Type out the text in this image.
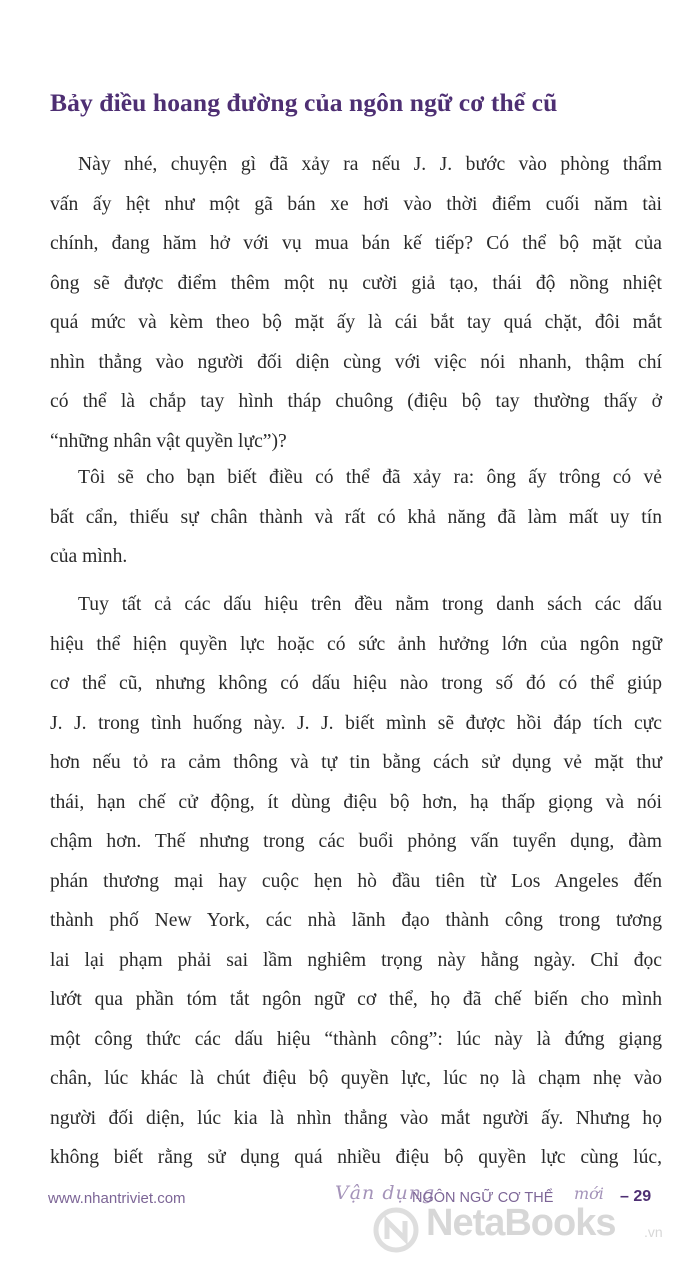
Bảy điều hoang đường của ngôn ngữ cơ thể cũ
Này nhé, chuyện gì đã xảy ra nếu J. J. bước vào phòng thẩm
vấn ấy hệt như một gã bán xe hơi vào thời điểm cuối năm tài
chính, đang hăm hở với vụ mua bán kế tiếp? Có thể bộ mặt của
ông sẽ được điểm thêm một nụ cười giả tạo, thái độ nồng nhiệt
quá mức và kèm theo bộ mặt ấy là cái bắt tay quá chặt, đôi mắt
nhìn thẳng vào người đối diện cùng với việc nói nhanh, thậm chí
có thể là chắp tay hình tháp chuông (điệu bộ tay thường thấy ở
“những nhân vật quyền lực”)?
Tôi sẽ cho bạn biết điều có thể đã xảy ra: ông ấy trông có vẻ
bất cẩn, thiếu sự chân thành và rất có khả năng đã làm mất uy tín
của mình.
Tuy tất cả các dấu hiệu trên đều nằm trong danh sách các dấu
hiệu thể hiện quyền lực hoặc có sức ảnh hưởng lớn của ngôn ngữ
cơ thể cũ, nhưng không có dấu hiệu nào trong số đó có thể giúp
J. J. trong tình huống này. J. J. biết mình sẽ được hồi đáp tích cực
hơn nếu tỏ ra cảm thông và tự tin bằng cách sử dụng vẻ mặt thư
thái, hạn chế cử động, ít dùng điệu bộ hơn, hạ thấp giọng và nói
chậm hơn. Thế nhưng trong các buổi phỏng vấn tuyển dụng, đàm
phán thương mại hay cuộc hẹn hò đầu tiên từ Los Angeles đến
thành phố New York, các nhà lãnh đạo thành công trong tương
lai lại phạm phải sai lầm nghiêm trọng này hằng ngày. Chỉ đọc
lướt qua phần tóm tắt ngôn ngữ cơ thể, họ đã chế biến cho mình
một công thức các dấu hiệu “thành công”: lúc này là đứng giạng
chân, lúc khác là chút điệu bộ quyền lực, lúc nọ là chạm nhẹ vào
người đối diện, lúc kia là nhìn thẳng vào mắt người ấy. Nhưng họ
không biết rằng sử dụng quá nhiều điệu bộ quyền lực cùng lúc,
www.nhantriviet.com	Vận dụng
NGÔN NGỮ CƠ THỂ mới – 29
NetaBooks .vn
